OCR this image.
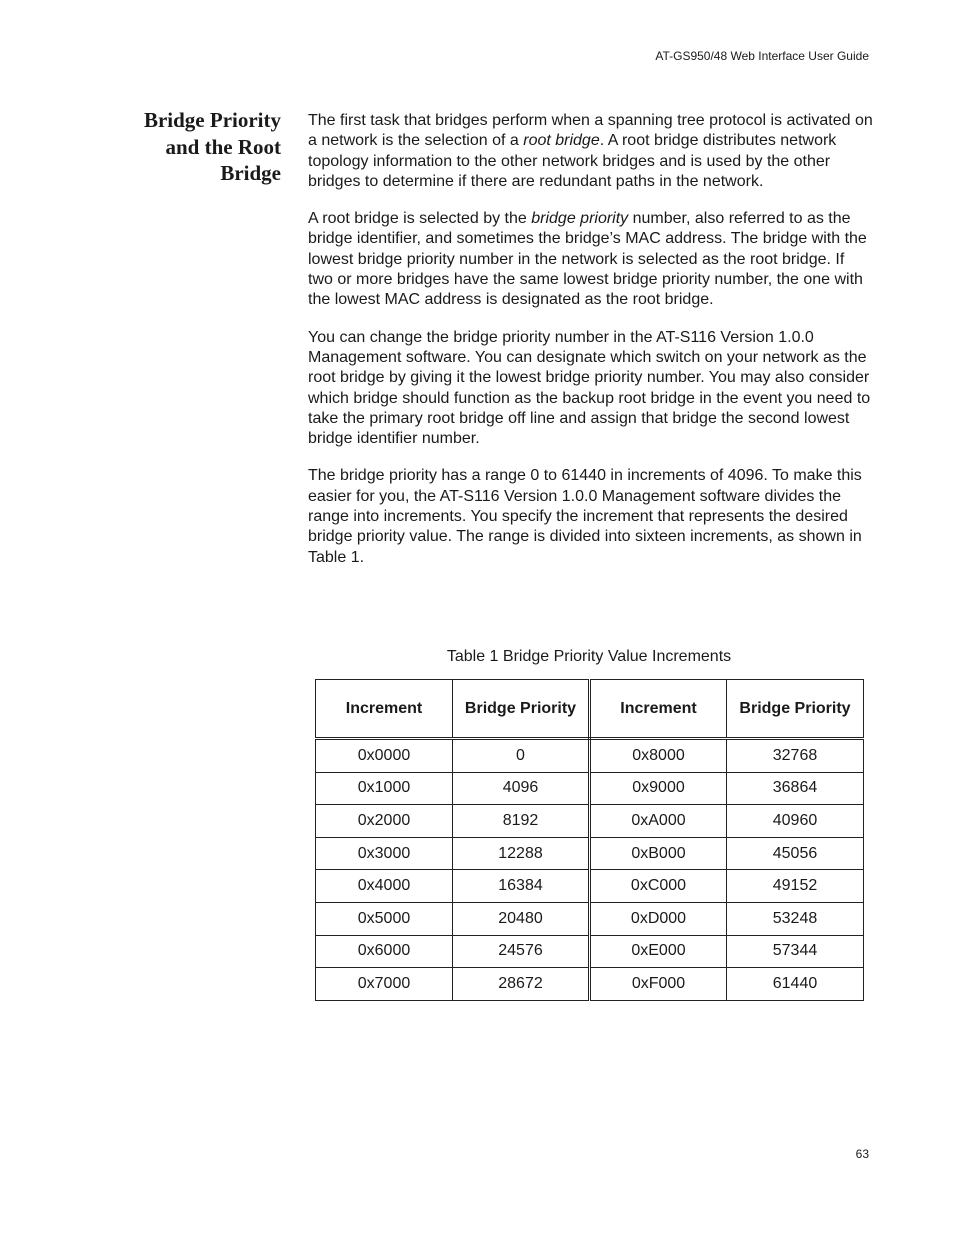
AT-GS950/48 Web Interface User Guide
Bridge Priority
and the Root
Bridge

The first task that bridges perform when a spanning tree protocol is activated on a network is the selection of a root bridge. A root bridge distributes network topology information to the other network bridges and is used by the other bridges to determine if there are redundant paths in the network.

A root bridge is selected by the bridge priority number, also referred to as the bridge identifier, and sometimes the bridge’s MAC address. The bridge with the lowest bridge priority number in the network is selected as the root bridge. If two or more bridges have the same lowest bridge priority number, the one with the lowest MAC address is designated as the root bridge.

You can change the bridge priority number in the AT-S116 Version 1.0.0 Management software. You can designate which switch on your network as the root bridge by giving it the lowest bridge priority number. You may also consider which bridge should function as the backup root bridge in the event you need to take the primary root bridge off line and assign that bridge the second lowest bridge identifier number.

The bridge priority has a range 0 to 61440 in increments of 4096. To make this easier for you, the AT-S116 Version 1.0.0 Management software divides the range into increments. You specify the increment that represents the desired bridge priority value. The range is divided into sixteen increments, as shown in Table 1.

Table 1 Bridge Priority Value Increments
Increment	Bridge Priority	Increment	Bridge Priority
0x0000	0	0x8000	32768
0x1000	4096	0x9000	36864
0x2000	8192	0xA000	40960
0x3000	12288	0xB000	45056
0x4000	16384	0xC000	49152
0x5000	20480	0xD000	53248
0x6000	24576	0xE000	57344
0x7000	28672	0xF000	61440
63
